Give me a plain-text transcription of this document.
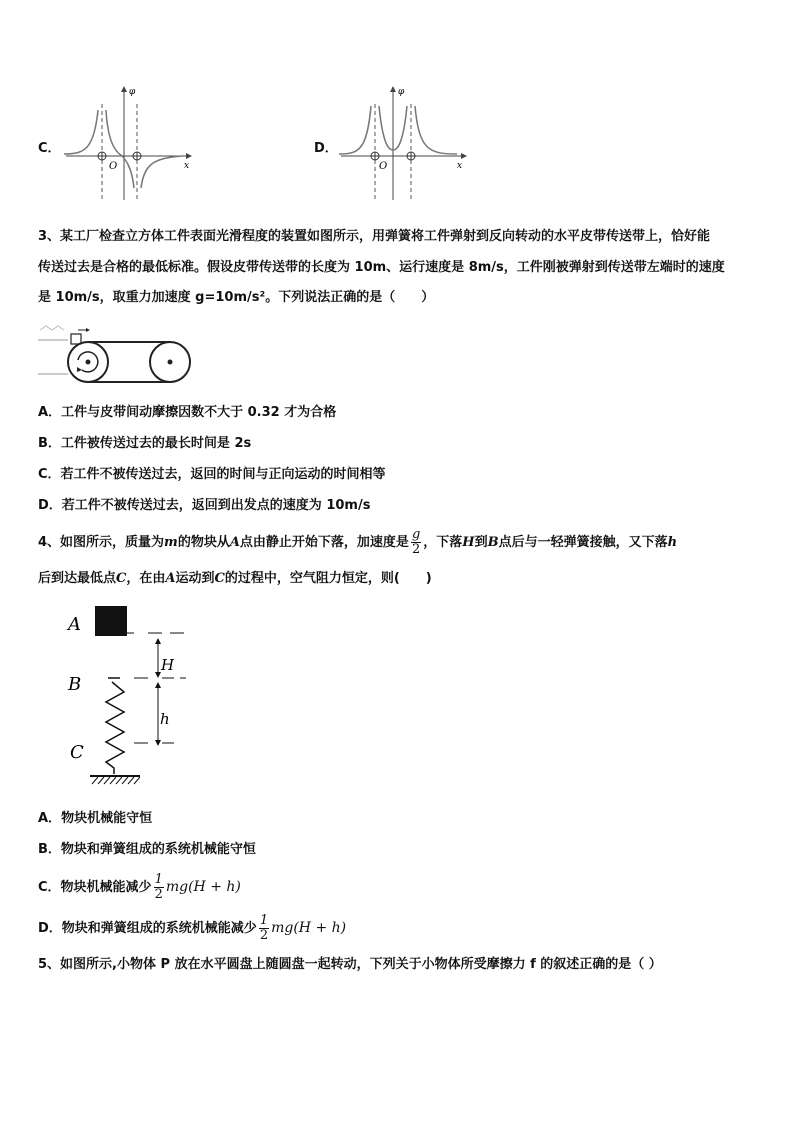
C．
φ
x
O
D．
φ
x
O
3、某工厂检查立方体工件表面光滑程度的装置如图所示，用弹簧将工件弹射到反向转动的水平皮带传送带上，恰好能
传送过去是合格的最低标准。假设皮带传送带的长度为 10m、运行速度是 8m/s，工件刚被弹射到传送带左端时的速度
是 10m/s，取重力加速度 g=10m/s²。下列说法正确的是（　　）
A．工件与皮带间动摩擦因数不大于 0.32 才为合格
B．工件被传送过去的最长时间是 2s
C．若工件不被传送过去，返回的时间与正向运动的时间相等
D．若工件不被传送过去，返回到出发点的速度为 10m/s
4、如图所示，质量为m的物块从A点由静止开始下落，加速度是 $\frac{g}{2}$ ，下落H到B点后与一轻弹簧接触，又下落h
后到达最低点C，在由A运动到C的过程中，空气阻力恒定，则(　　)
A
H
B
h
C
A．物块机械能守恒
B．物块和弹簧组成的系统机械能守恒
C．物块机械能减少 $\frac{1}{2} mg(H + h)$
D．物块和弹簧组成的系统机械能减少 $\frac{1}{2} mg(H + h)$
5、如图所示,小物体 P 放在水平圆盘上随圆盘一起转动，下列关于小物体所受摩擦力 f 的叙述正确的是（ ）
